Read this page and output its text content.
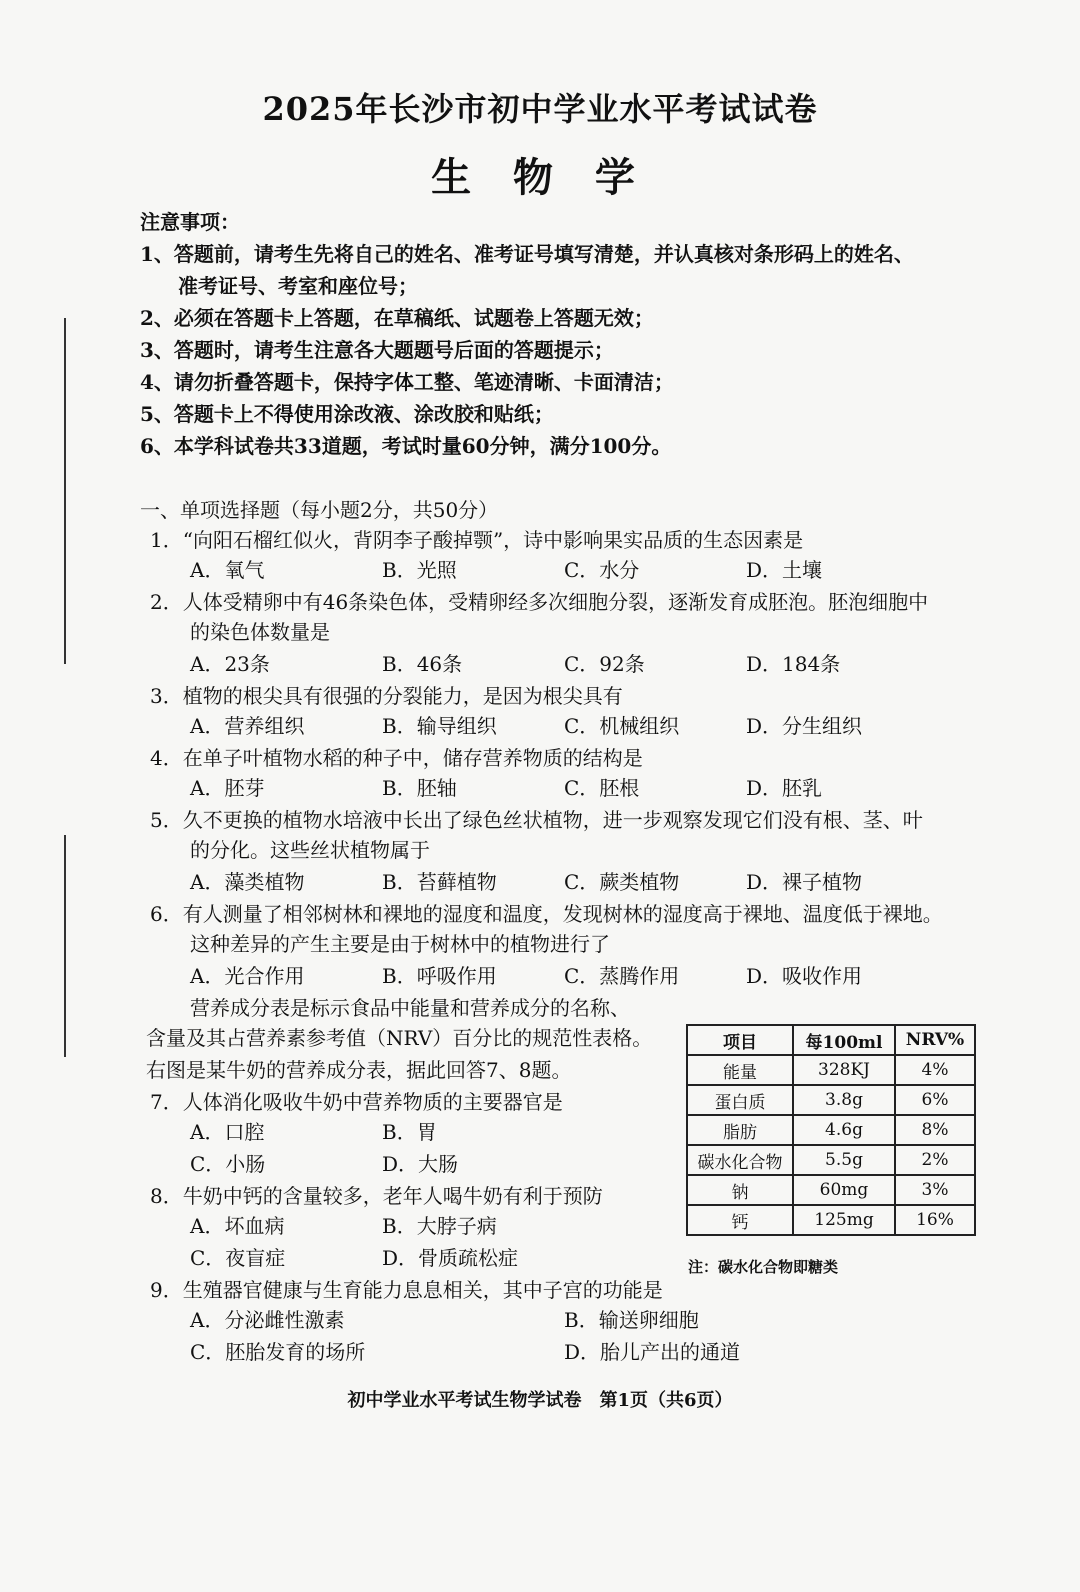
2025年长沙市初中学业水平考试试卷
生 物 学
注意事项：
1、答题前，请考生先将自己的姓名、准考证号填写清楚，并认真核对条形码上的姓名、
准考证号、考室和座位号；
2、必须在答题卡上答题，在草稿纸、试题卷上答题无效；
3、答题时，请考生注意各大题题号后面的答题提示；
4、请勿折叠答题卡，保持字体工整、笔迹清晰、卡面清洁；
5、答题卡上不得使用涂改液、涂改胶和贴纸；
6、本学科试卷共33道题，考试时量60分钟，满分100分。
一、单项选择题（每小题2分，共50分）
1．“向阳石榴红似火，背阴李子酸掉颚”，诗中影响果实品质的生态因素是
A．氧气	B．光照	C．水分	D．土壤
2．人体受精卵中有46条染色体，受精卵经多次细胞分裂，逐渐发育成胚泡。胚泡细胞中
的染色体数量是
A．23条	B．46条	C．92条	D．184条
3．植物的根尖具有很强的分裂能力，是因为根尖具有
A．营养组织	B．输导组织	C．机械组织	D．分生组织
4．在单子叶植物水稻的种子中，储存营养物质的结构是
A．胚芽	B．胚轴	C．胚根	D．胚乳
5．久不更换的植物水培液中长出了绿色丝状植物，进一步观察发现它们没有根、茎、叶
的分化。这些丝状植物属于
A．藻类植物	B．苔藓植物	C．蕨类植物	D．裸子植物
6．有人测量了相邻树林和裸地的湿度和温度，发现树林的湿度高于裸地、温度低于裸地。
这种差异的产生主要是由于树林中的植物进行了
A．光合作用	B．呼吸作用	C．蒸腾作用	D．吸收作用
营养成分表是标示食品中能量和营养成分的名称、
含量及其占营养素参考值（NRV）百分比的规范性表格。
右图是某牛奶的营养成分表，据此回答7、8题。
7．人体消化吸收牛奶中营养物质的主要器官是
A．口腔	B．胃
C．小肠	D．大肠
8．牛奶中钙的含量较多，老年人喝牛奶有利于预防
A．坏血病	B．大脖子病
C．夜盲症	D．骨质疏松症
9．生殖器官健康与生育能力息息相关，其中子宫的功能是
A．分泌雌性激素	B．输送卵细胞
C．胚胎发育的场所	D．胎儿产出的通道
项目	每100ml	NRV%
能量	328KJ	4%
蛋白质	3.8g	6%
脂肪	4.6g	8%
碳水化合物	5.5g	2%
钠	60mg	3%
钙	125mg	16%
注：碳水化合物即糖类
初中学业水平考试生物学试卷　第1页（共6页）
